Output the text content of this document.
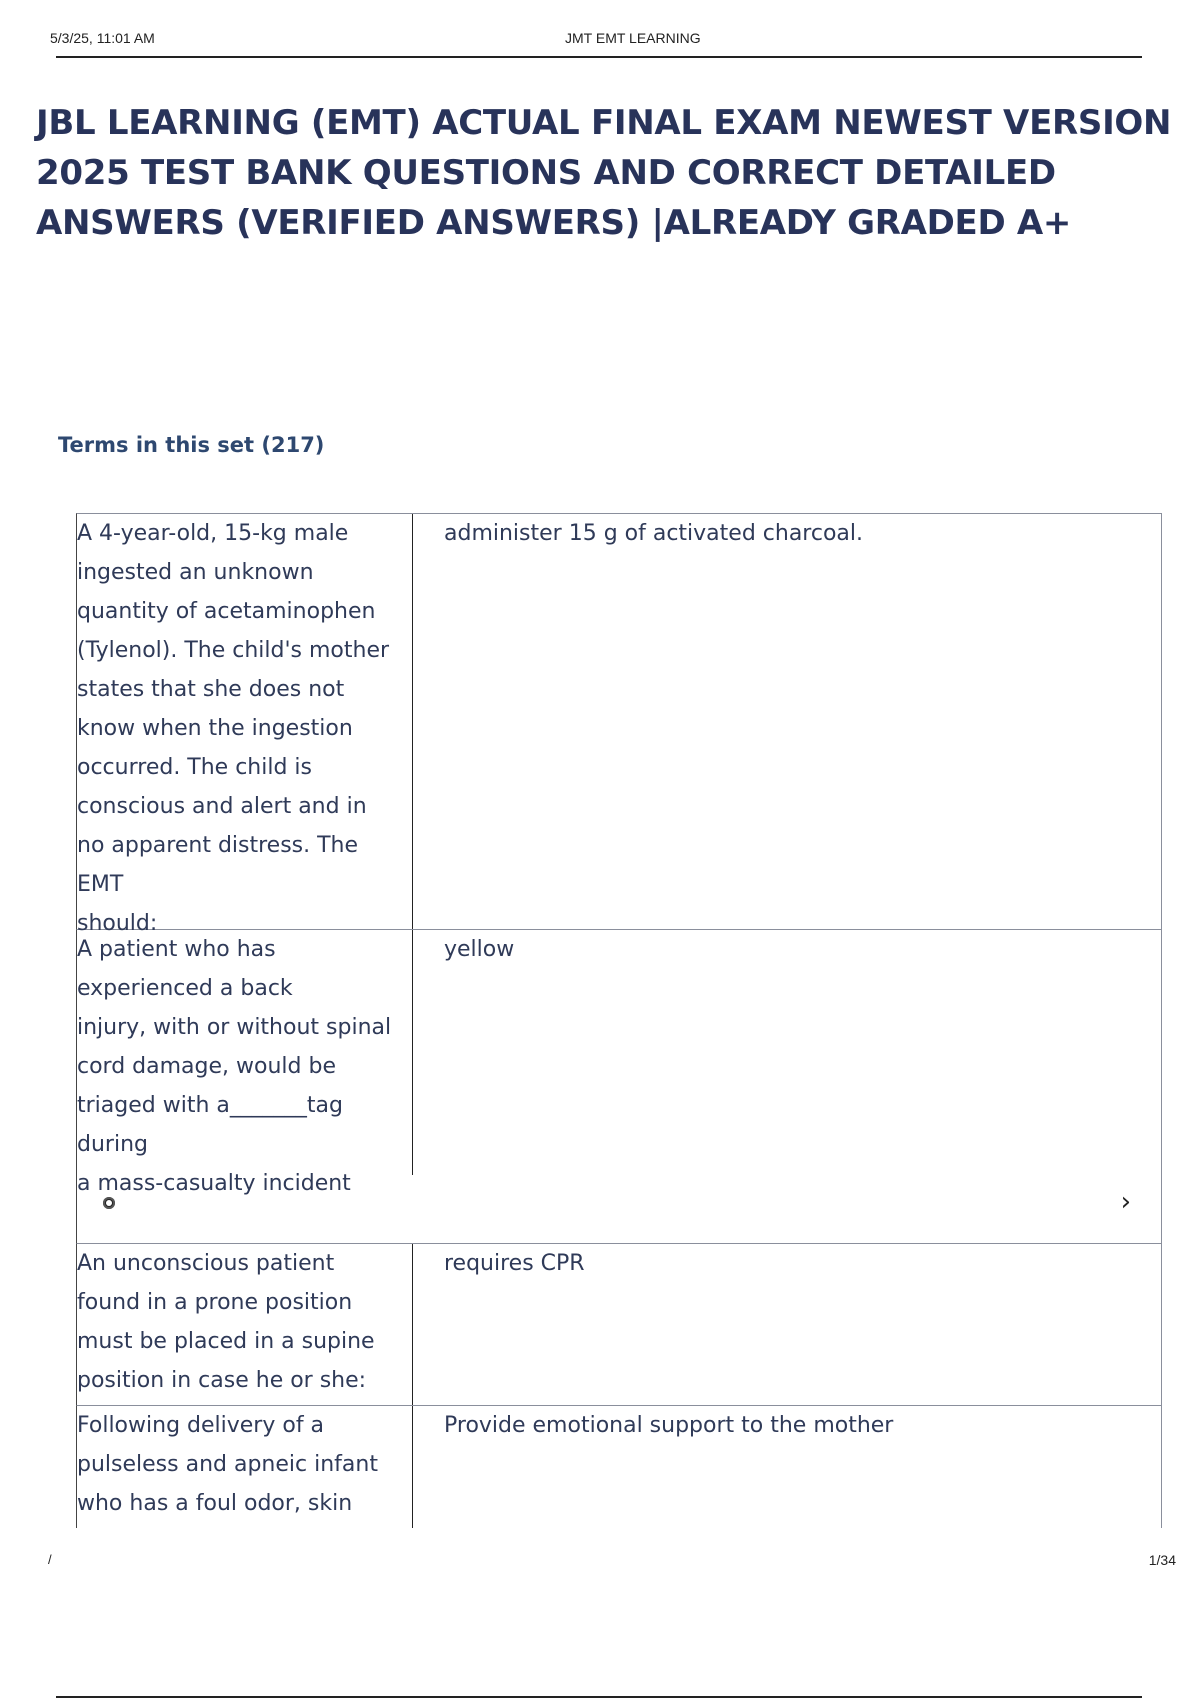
5/3/25, 11:01 AM	JMT EMT LEARNING
JBL LEARNING (EMT) ACTUAL FINAL EXAM NEWEST VERSION 2025 TEST BANK QUESTIONS AND CORRECT DETAILED ANSWERS (VERIFIED ANSWERS) |ALREADY GRADED A+
Terms in this set (217)
A 4-year-old, 15-kg male
ingested an unknown
quantity of acetaminophen
(Tylenol). The child's mother
states that she does not
know when the ingestion
occurred. The child is
conscious and alert and in
no apparent distress. The
EMT
should:
administer 15 g of activated charcoal.
A patient who has
experienced a back
injury, with or without spinal
cord damage, would be
triaged with a_______tag
during
a mass-casualty incident
yellow
›
An unconscious patient
found in a prone position
must be placed in a supine
position in case he or she:
requires CPR
Following delivery of a
pulseless and apneic infant
who has a foul odor, skin
Provide emotional support to the mother
/	1/34
